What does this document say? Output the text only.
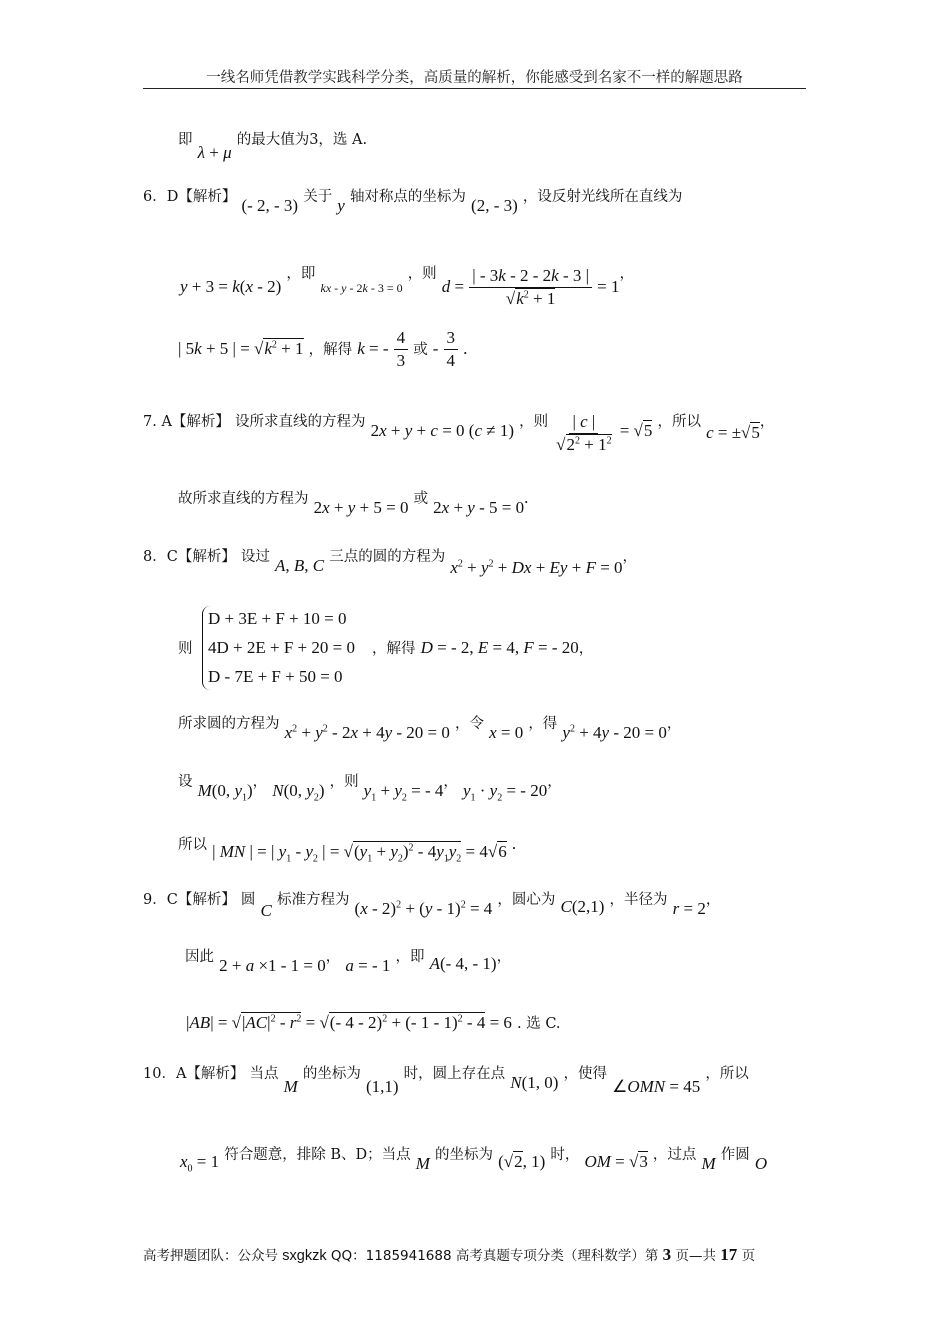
一线名师凭借教学实践科学分类，高质量的解析，你能感受到名家不一样的解题思路
即 λ + μ 的最大值为3，选 A.
6．D【解析】 (- 2, - 3) 关于 y 轴对称点的坐标为 (2, - 3) ，设反射光线所在直线为
y + 3 = k(x - 2) ，即 $_{kx - y - 2k - 3 = 0}$ ，则 $d = \frac{| - 3k - 2 - 2k - 3 |}{√k^2 + 1} = 1$，
| 5k + 5 | = $√k^2 + 1$ ，解得 k = - $\frac{4}{3}$ 或 - $\frac{3}{4}$ .
7. A【解析】 设所求直线的方程为 2x + y + c = 0 (c ≠ 1) ，则 $\frac{| c |}{√2^2 + 1^2} = √5$ ，所以 c = ±√5，
故所求直线的方程为 2x + y + 5 = 0 或 2x + y - 5 = 0.
8．C【解析】 设过 A, B, C 三点的圆的方程为 $x^2 + y^2 + Dx + Ey + F = 0$，
则
D + 3E + F + 10 = 0
4D + 2E + F + 20 = 0
D - 7E + F + 50 = 0
，解得 D = - 2, E = 4, F = - 20，
所求圆的方程为 $x^2 + y^2 - 2x + 4y - 20 = 0$ ，令 x = 0 ，得 $y^2 + 4y - 20 = 0$，
设 M(0, $y_1$)， N(0, $y_2$) ，则 $y_1 + y_2$ = - 4， $y_1 \cdot y_2$ = - 20，
所以 | MN | = | $y_1 - y_2$ | = $√(y_1 + y_2)^2 - 4y_1y_2 = 4√6$ .
9．C【解析】 圆 C 标准方程为 (x - 2)$^2$ + (y - 1)$^2$ = 4 ，圆心为 C(2,1) ，半径为 r = 2，
因此 2 + a ×1 - 1 = 0， a = - 1 ，即 A(- 4, - 1)，
$|AB| = √|AC|^2 - r^2$ = √(- 4 - 2)$^2$ + (- 1 - 1)$^2$ - 4 = 6 . 选 C.
10．A【解析】 当点 M 的坐标为 (1,1) 时，圆上存在点 N(1, 0) ，使得 ∠OMN = 45 ，所以
$x_0 = 1$ 符合题意，排除 B、D；当点 M 的坐标为 (√2, 1) 时， OM = √3 ，过点 M 作圆 O
高考押题团队：公众号 sxgkzk QQ：1185941688 高考真题专项分类（理科数学）第 3 页—共 17 页
